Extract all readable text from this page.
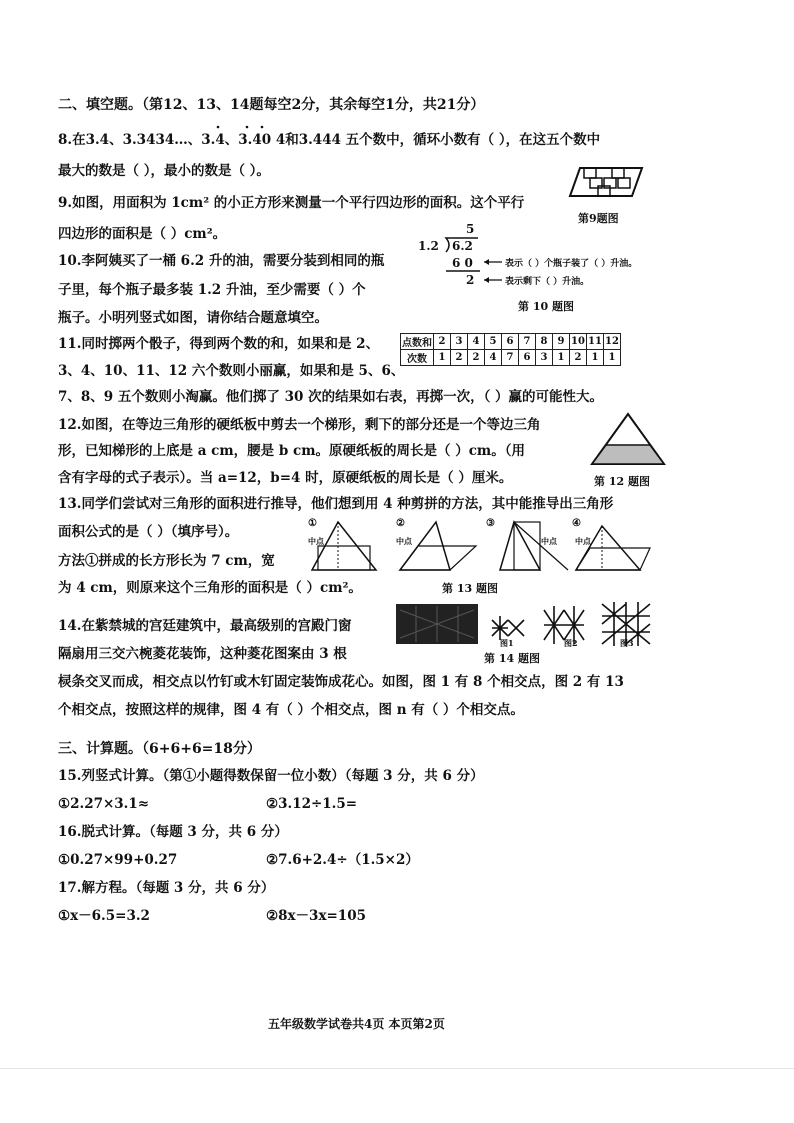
二、填空题。（第12、13、14题每空2分，其余每空1分，共21分）
8.在3.4、3.3434…、3.4、3.40 4和3.444 五个数中，循环小数有（ ），在这五个数中
最大的数是（ ），最小的数是（ ）。
9.如图，用面积为 1cm² 的小正方形来测量一个平行四边形的面积。这个平行
四边形的面积是（ ）cm²。
第9题图
10.李阿姨买了一桶 6.2 升的油，需要分装到相同的瓶
子里，每个瓶子最多装 1.2 升油，至少需要（ ）个
瓶子。小明列竖式如图，请你结合题意填空。
5
1.2 6.2
6 0
2
表示（ ）个瓶子装了（ ）升油。
表示剩下（ ）升油。
第 10 题图
11.同时掷两个骰子，得到两个数的和，如果和是 2、
3、4、10、11、12 六个数则小丽赢，如果和是 5、6、
7、8、9 五个数则小淘赢。他们掷了 30 次的结果如右表，再掷一次，（ ）赢的可能性大。
点数和	2	3	4	5	6	7	8	9	10	11	12
次数	1	2	2	4	7	6	3	1	2	1	1
12.如图，在等边三角形的硬纸板中剪去一个梯形，剩下的部分还是一个等边三角
形，已知梯形的上底是 a cm，腰是 b cm。原硬纸板的周长是（ ）cm。（用
含有字母的式子表示）。当 a=12，b=4 时，原硬纸板的周长是（ ）厘米。	第 12 题图
13.同学们尝试对三角形的面积进行推导，他们想到用 4 种剪拼的方法，其中能推导出三角形
面积公式的是（ ）（填序号）。
方法①拼成的长方形长为 7 cm，宽
为 4 cm，则原来这个三角形的面积是（ ）cm²。
①	②	③	④
中点	中点	中点 中点
第 13 题图
14.在紫禁城的宫廷建筑中，最高级别的宫殿门窗
隔扇用三交六椀菱花装饰，这种菱花图案由 3 根
棂条交叉而成，相交点以竹钉或木钉固定装饰成花心。如图，图 1 有 8 个相交点，图 2 有 13
个相交点，按照这样的规律，图 4 有（ ）个相交点，图 n 有（ ）个相交点。
图1	图2	图3
第 14 题图
三、计算题。（6+6+6=18分）
15.列竖式计算。（第①小题得数保留一位小数）（每题 3 分，共 6 分）
①2.27×3.1≈	②3.12÷1.5=
16.脱式计算。（每题 3 分，共 6 分）
①0.27×99+0.27	②7.6+2.4÷（1.5×2）
17.解方程。（每题 3 分，共 6 分）
①x－6.5=3.2	②8x－3x=105
五年级数学试卷共4页 本页第2页
